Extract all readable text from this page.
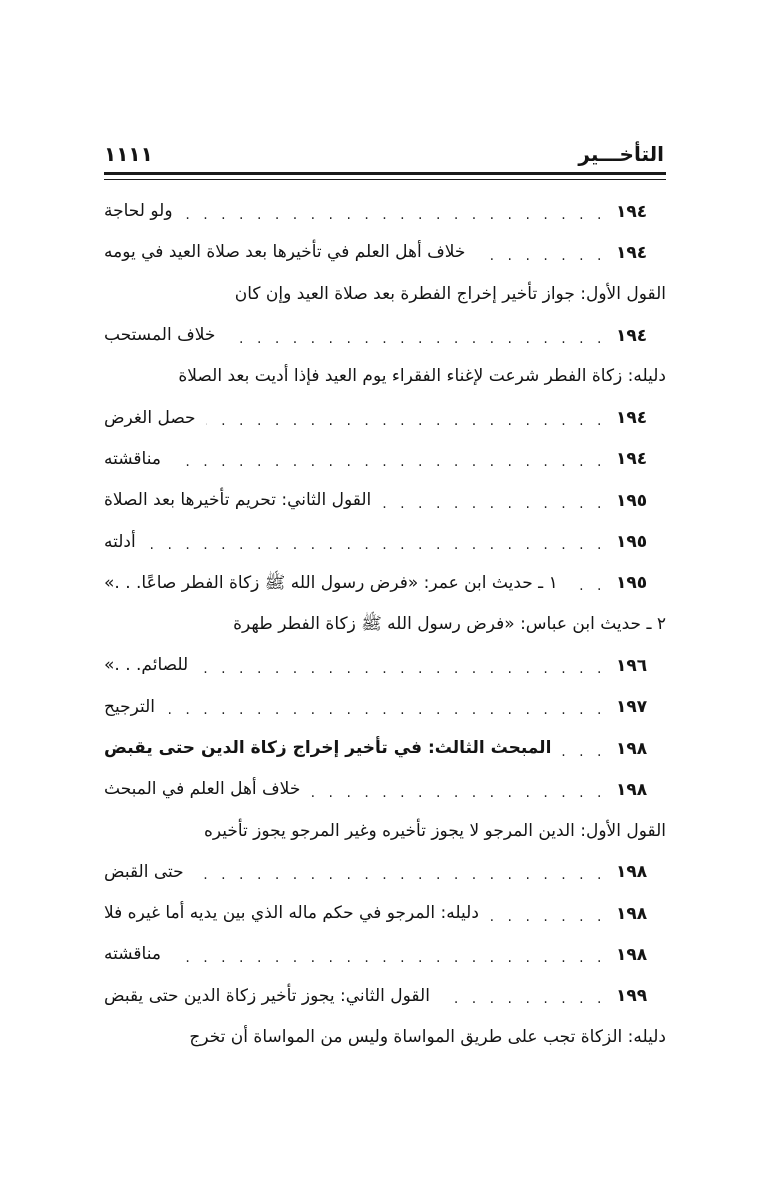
التأخـــير
١١١١
ولو لحاجة . . .	١٩٤
خلاف أهل العلم في تأخيرها بعد صلاة العيد في يومه . . .	١٩٤
القول الأول: جواز تأخير إخراج الفطرة بعد صلاة العيد وإن كان
خلاف المستحب . . .	١٩٤
دليله: زكاة الفطر شرعت لإغناء الفقراء يوم العيد فإذا أديت بعد الصلاة
حصل الغرض . . .	١٩٤
مناقشته . . .	١٩٤
القول الثاني: تحريم تأخيرها بعد الصلاة . . .	١٩٥
أدلته . . .	١٩٥
١ ـ حديث ابن عمر: «فرض رسول الله ﷺ زكاة الفطر صاعًا. . .» . . .	١٩٥
٢ ـ حديث ابن عباس: «فرض رسول الله ﷺ زكاة الفطر طهرة
للصائم. . .» . . .	١٩٦
الترجيح . . .	١٩٧
المبحث الثالث: في تأخير إخراج زكاة الدين حتى يقبض . . .	١٩٨
خلاف أهل العلم في المبحث . . .	١٩٨
القول الأول: الدين المرجو لا يجوز تأخيره وغير المرجو يجوز تأخيره
حتى القبض . . .	١٩٨
دليله: المرجو في حكم ماله الذي بين يديه أما غيره فلا . . .	١٩٨
مناقشته . . .	١٩٨
القول الثاني: يجوز تأخير زكاة الدين حتى يقبض . . .	١٩٩
دليله: الزكاة تجب على طريق المواساة وليس من المواساة أن تخرج
